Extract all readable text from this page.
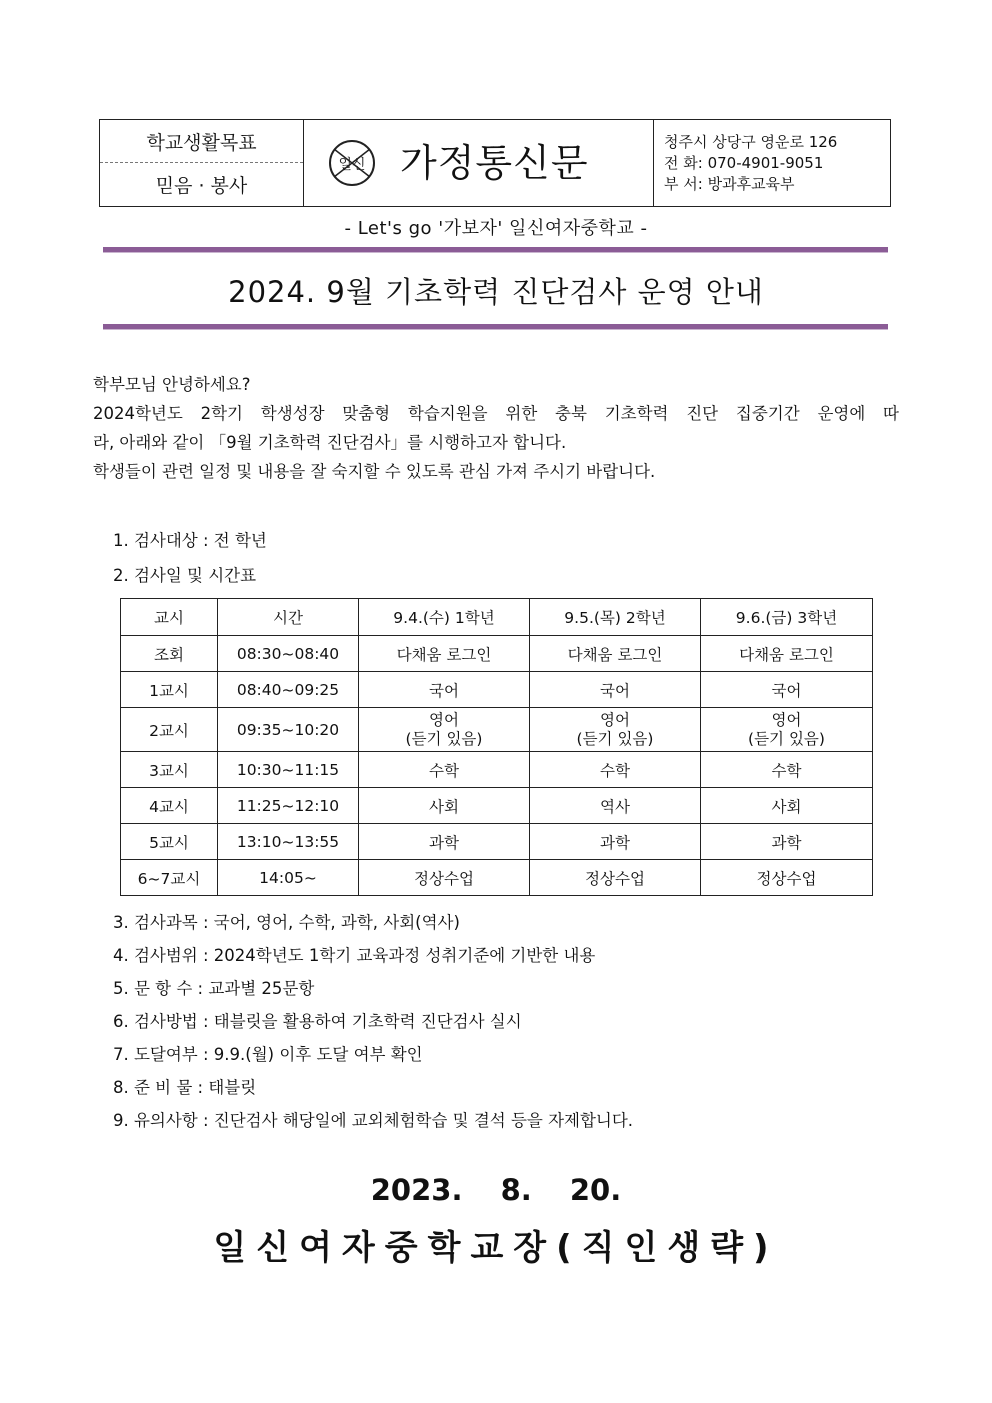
학교생활목표
믿음 · 봉사
일신 가정통신문	청주시 상당구 영운로 126
전 화: 070-4901-9051
부 서: 방과후교육부
- Let's go '가보자' 일신여자중학교 -
2024. 9월 기초학력 진단검사 운영 안내

학부모님 안녕하세요?

2024학년도 2학기 학생성장 맞춤형 학습지원을 위한 충북 기초학력 진단 집중기간 운영에 따

라, 아래와 같이 「9월 기초학력 진단검사」를 시행하고자 합니다.

학생들이 관련 일정 및 내용을 잘 숙지할 수 있도록 관심 가져 주시기 바랍니다.

1. 검사대상 : 전 학년
2. 검사일 및 시간표
교시	시간	9.4.(수) 1학년	9.5.(목) 2학년	9.6.(금) 3학년
조회	08:30~08:40	다채움 로그인	다채움 로그인	다채움 로그인
1교시	08:40~09:25	국어	국어	국어
2교시	09:35~10:20	영어
(듣기 있음)	영어
(듣기 있음)	영어
(듣기 있음)

3교시	10:30~11:15	수학	수학	수학
4교시	11:25~12:10	사회	역사	사회
5교시	13:10~13:55	과학	과학	과학
6~7교시	14:05~	정상수업	정상수업	정상수업
3. 검사과목 : 국어, 영어, 수학, 과학, 사회(역사)
4. 검사범위 : 2024학년도 1학기 교육과정 성취기준에 기반한 내용
5. 문 항 수 : 교과별 25문항
6. 검사방법 : 태블릿을 활용하여 기초학력 진단검사 실시
7. 도달여부 : 9.9.(월) 이후 도달 여부 확인
8. 준 비 물 : 태블릿
9. 유의사항 : 진단검사 해당일에 교외체험학습 및 결석 등을 자제합니다.
2023. 8. 20.
일신여자중학교장(직인생략)
